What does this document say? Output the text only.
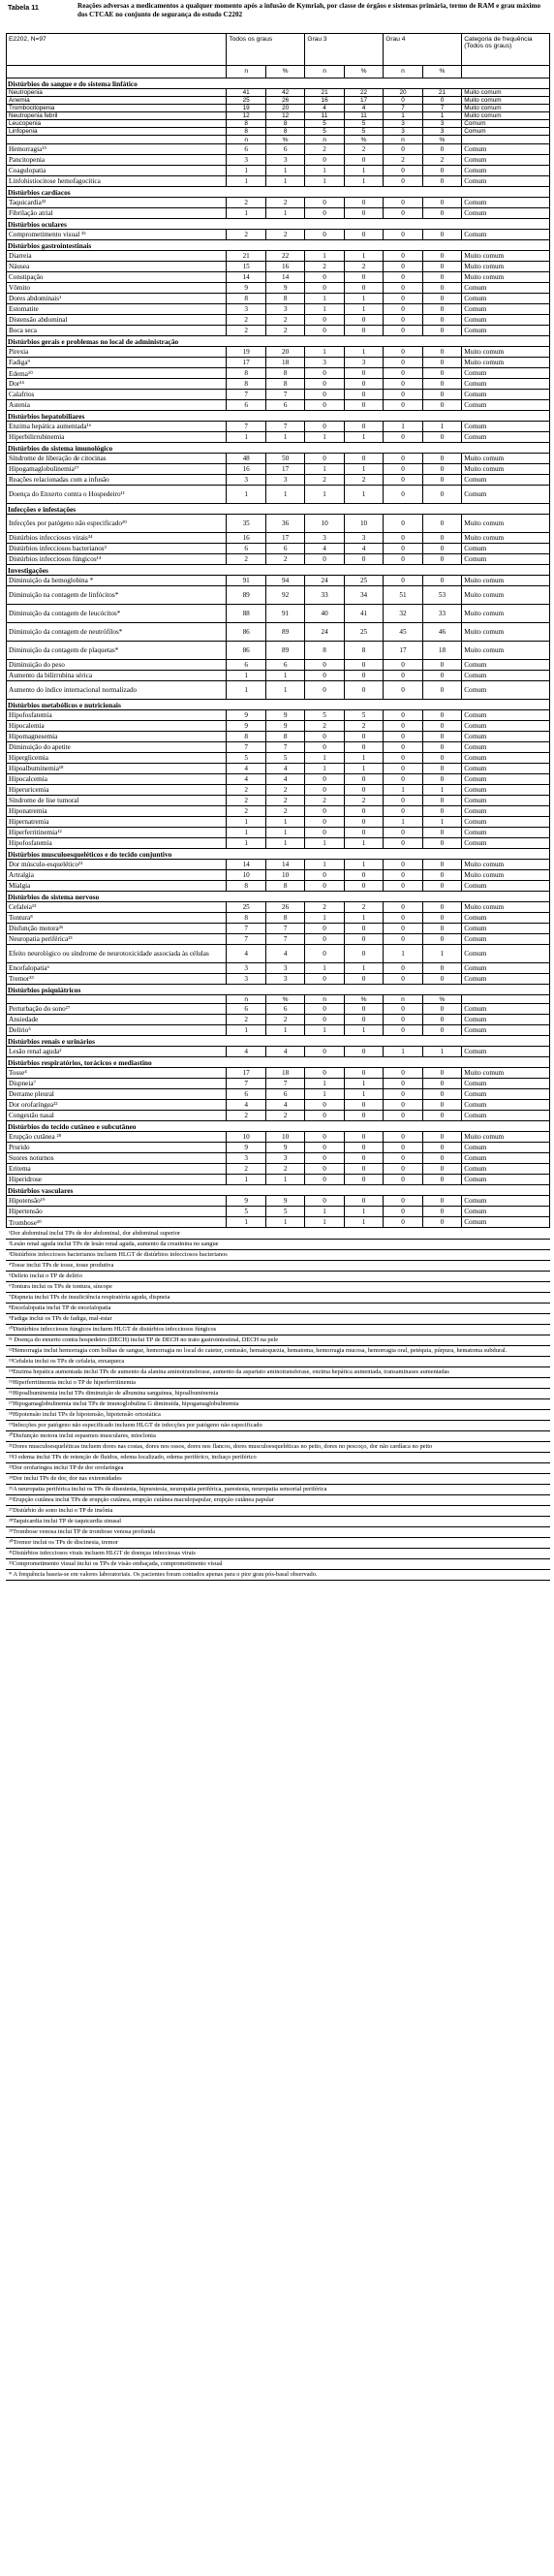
Tabela 11	Reações adversas a medicamentos a qualquer momento após a infusão de Kymriah, por classe de órgãos e sistemas primária, termo de RAM e grau máximo dos CTCAE no conjunto de segurança do estudo C2202
E2202, N=97	Todos os graus		Grau 3		Grau 4		Categoria de frequência (Todos os graus)
	n	%	n	%	n	%	
Distúrbios do sangue e do sistema linfático							
Neutropenia	41	42	21	22	20	21	Muito comum
Anemia	25	26	16	17	0	0	Muito comum
Trombocitopenia	19	20	4	4	7	7	Muito comum
Neutropenia febril	12	12	11	11	1	1	Muito comum
Leucopenia	8	8	5	5	3	3	Comum
Linfopenia	8	8	5	5	3	3	Comum
	n	%	n	%	n	%	
Hemorragia¹⁵	6	6	2	2	0	0	Comum
Pancitopenia	3	3	0	0	2	2	Comum
Coagulopatia	1	1	1	1	0	0	Comum
Linfohistiocitose hemofagocítica	1	1	1	1	0	0	Comum
Distúrbios cardíacos							
Taquicardia³²	2	2	0	0	0	0	Comum
Fibrilação atrial	1	1	0	0	0	0	Comum
Distúrbios oculares							
Comprometimento visual ³⁵	2	2	0	0	0	0	Comum
Distúrbios gastrointestinais							
Diarreia	21	22	1	1	0	0	Muito comum
Náusea	15	16	2	2	0	0	Muito comum
Constipação	14	14	0	0	0	0	Muito comum
Vômito	9	9	0	0	0	0	Comum
Dores abdominais¹	8	8	1	1	0	0	Comum
Estomatite	3	3	1	1	0	0	Comum
Distensão abdominal	2	2	0	0	0	0	Comum
Boca seca	2	2	0	0	0	0	Comum
Distúrbios gerais e problemas no local de administração							
Pirexia	19	20	1	1	0	0	Muito comum
Fadiga⁹	17	18	3	3	0	0	Muito comum
Edema¹⁰	8	8	0	0	0	0	Comum
Dor²⁴	8	8	0	0	0	0	Comum
Calafrios	7	7	0	0	0	0	Comum
Astenia	6	6	0	0	0	0	Comum
Distúrbios hepatobiliares							
Enzima hepática aumentada¹⁶	7	7	0	0	1	1	Comum
Hiperbilirrubinemia	1	1	1	1	0	0	Comum
Distúrbios do sistema imunológico							
Síndrome de liberação de citocinas	48	50	0	0	0	0	Muito comum
Hipogamaglobulinemia¹⁷	16	17	1	1	0	0	Muito comum
Reações relacionadas com a infusão	3	3	2	2	0	0	Comum
Doença do Enxerto contra o Hospedeiro¹¹	1	1	1	1	0	0	Comum
Infecções e infestações							
Infecções por patógeno não especificado²⁰	35	36	10	10	0	0	Muito comum
Distúrbios infecciosos virais³⁴	16	17	3	3	0	0	Muito comum
Distúrbios infecciosos bacterianos³	6	6	4	4	0	0	Comum
Distúrbios infecciosos fúngicos¹⁴	2	2	0	0	0	0	Comum
Investigações							
Diminuição da hemoglobina *	91	94	24	25	0	0	Muito comum
Diminuição na contagem de linfócitos*	89	92	33	34	51	53	Muito comum
Diminuição da contagem de leucócitos*	88	91	40	41	32	33	Muito comum
Diminuição da contagem de neutrófilos*	86	89	24	25	45	46	Muito comum
Diminuição da contagem de plaquetas*	86	89	8	8	17	18	Muito comum
Diminuição do peso	6	6	0	0	0	0	Comum
Aumento da bilirrubina sérica	1	1	0	0	0	0	Comum
Aumento do índice internacional normalizado	1	1	0	0	0	0	Comum
Distúrbios metabólicos e nutricionais							
Hipofosfatemia	9	9	5	5	0	0	Comum
Hipocalemia	9	9	2	2	0	0	Comum
Hipomagnesemia	8	8	0	0	0	0	Comum
Diminuição do apetite	7	7	0	0	0	0	Comum
Hiperglicemia	5	5	1	1	0	0	Comum
Hipoalbuminemia¹⁸	4	4	1	1	0	0	Comum
Hipocalcemia	4	4	0	0	0	0	Comum
Hiperuricemia	2	2	0	0	1	1	Comum
Síndrome de lise tumoral	2	2	2	2	0	0	Comum
Hiponatremia	2	2	0	0	0	0	Comum
Hipernatremia	1	1	0	0	1	1	Comum
Hiperferritinemia¹²	1	1	0	0	0	0	Comum
Hipofosfatemia	1	1	1	1	0	0	Comum
Distúrbios musculoesqueléticos e do tecido conjuntivo							
Dor músculo-esquelético²¹	14	14	1	1	0	0	Muito comum
Artralgia	10	10	0	0	0	0	Muito comum
Mialgia	8	8	0	0	0	0	Comum
Distúrbios do sistema nervoso							
Cefaleia¹³	25	26	2	2	0	0	Muito comum
Tontura⁸	8	8	1	1	0	0	Comum
Disfunção motora²⁶	7	7	0	0	0	0	Comum
Neuropatia periférica²³	7	7	0	0	0	0	Comum
Efeito neurológico ou síndrome de neurotoxicidade associada às células	4	4	0	0	1	1	Comum
Encefalopatia⁶	3	3	1	1	0	0	Comum
Tremor³³	3	3	0	0	0	0	Comum
Distúrbios psiquiátricos							
	n	%	n	%	n	%	
Perturbação do sono²⁷	6	6	0	0	0	0	Comum
Ansiedade	2	2	0	0	0	0	Comum
Delírio⁵	1	1	1	1	0	0	Comum
Distúrbios renais e urinários							
Lesão renal aguda²	4	4	0	0	1	1	Comum
Distúrbios respiratórios, torácicos e mediastino							
Tosse⁴	17	18	0	0	0	0	Muito comum
Dispneia⁷	7	7	1	1	0	0	Comum
Derrame pleural	6	6	1	1	0	0	Comum
Dor orofaríngea²²	4	4	0	0	0	0	Comum
Congestão nasal	2	2	0	0	0	0	Comum
Distúrbios do tecido cutâneo e subcutâneo							
Erupção cutânea ²⁸	10	10	0	0	0	0	Muito comum
Prurido	9	9	0	0	0	0	Comum
Suores noturnos	3	3	0	0	0	0	Comum
Eritema	2	2	0	0	0	0	Comum
Hiperidrose	1	1	0	0	0	0	Comum
Distúrbios vasculares							
Hipotensão¹⁹	9	9	0	0	0	0	Comum
Hipertensão	5	5	1	1	0	0	Comum
Trombose³⁰	1	1	1	1	0	0	Comum
¹Dor abdominal inclui TPs de dor abdominal, dor abdominal superior
²Lesão renal aguda inclui TPs de lesão renal aguda, aumento da creatinina no sangue
³Distúrbios infecciosos bacterianos incluem HLGT de distúrbios infecciosos bacterianos
⁴Tosse inclui TPs de tosse, tosse produtiva
⁵Delírio inclui o TP de delírio
⁶Tontura inclui os TPs de tontura, síncope
⁷Dispneia inclui TPs de insuficiência respiratória aguda, dispneia
⁸Encefalopatia inclui TP de encefalopatia
⁹Fadiga inclui os TPs de fadiga, mal-estar
¹⁰Distúrbios infecciosos fúngicos incluem HLGT de distúrbios infecciosos fúngicos
¹¹ Doença do enxerto contra hospedeiro (DECH) inclui TP de DECH no trato gastrointestinal, DECH na pele
¹²Hemorragia inclui hemorragia com bolhas de sangue, hemorragia no local do cateter, contusão, hematoquezia, hematoma, hemorragia mucosa, hemorragia oral, petéquia, púrpura, hematoma subdural.
¹³Cefaleia inclui os TPs de cefaleia, enxaqueca
¹⁴Enzima hepática aumentada inclui TPs de aumento da alanina aminotransferase, aumento da aspartato aminotransferase, enzima hepática aumentada, transaminases aumentadas
¹⁵Hiperferritinemia inclui o TP de hiperferritinemia
¹⁶Hipoalbuminemia inclui TPs diminuição de albumina sanguínea, hipoalbuminemia
¹⁷Hipogamaglobulinemia inclui TPs de imunoglobulina G diminuída, hipogamaglobulinemia
¹⁸Hipotensão inclui TPs de hipotensão, hipotensão ortostática
¹⁹Infecções por patógeno não especificado incluem HLGT de infecções por patógeno não especificado
²⁰Disfunção motora inclui espasmos musculares, mioclonia
²¹Dores musculoesqueléticas incluem dores nas costas, dores nos ossos, dores nos flancos, dores musculoesqueléticas no peito, dores no pescoço, dor não cardíaca no peito
²²O edema inclui TPs de retenção de fluidos, edema localizado, edema periférico, inchaço periférico
²³Dor orofaríngea inclui TP de dor orofaríngea
²⁴Dor inclui TPs de dor, dor nas extremidades
²⁵A neuropatia periférica inclui os TPs de disestesia, hipoestesia, neuropatia periférica, parestesia, neuropatia sensorial periférica
²⁶Erupção cutânea inclui TPs de erupção cutânea, erupção cutânea maculopapular, erupção cutânea papular
²⁷Distúrbio do sono inclui o TP de insônia
²⁸Taquicardia inclui TP de taquicardia sinusal
²⁹Trombose venosa inclui TP de trombose venosa profunda
³⁰Tremor inclui os TPs de discinesia, tremor
³¹Distúrbios infecciosos virais incluem HLGT de doenças infecciosas virais
³²Comprometimento visual inclui os TPs de visão embaçada, comprometimento visual
* A frequência baseia-se em valores laboratoriais. Os pacientes foram contados apenas para o pior grau pós-basal observado.
